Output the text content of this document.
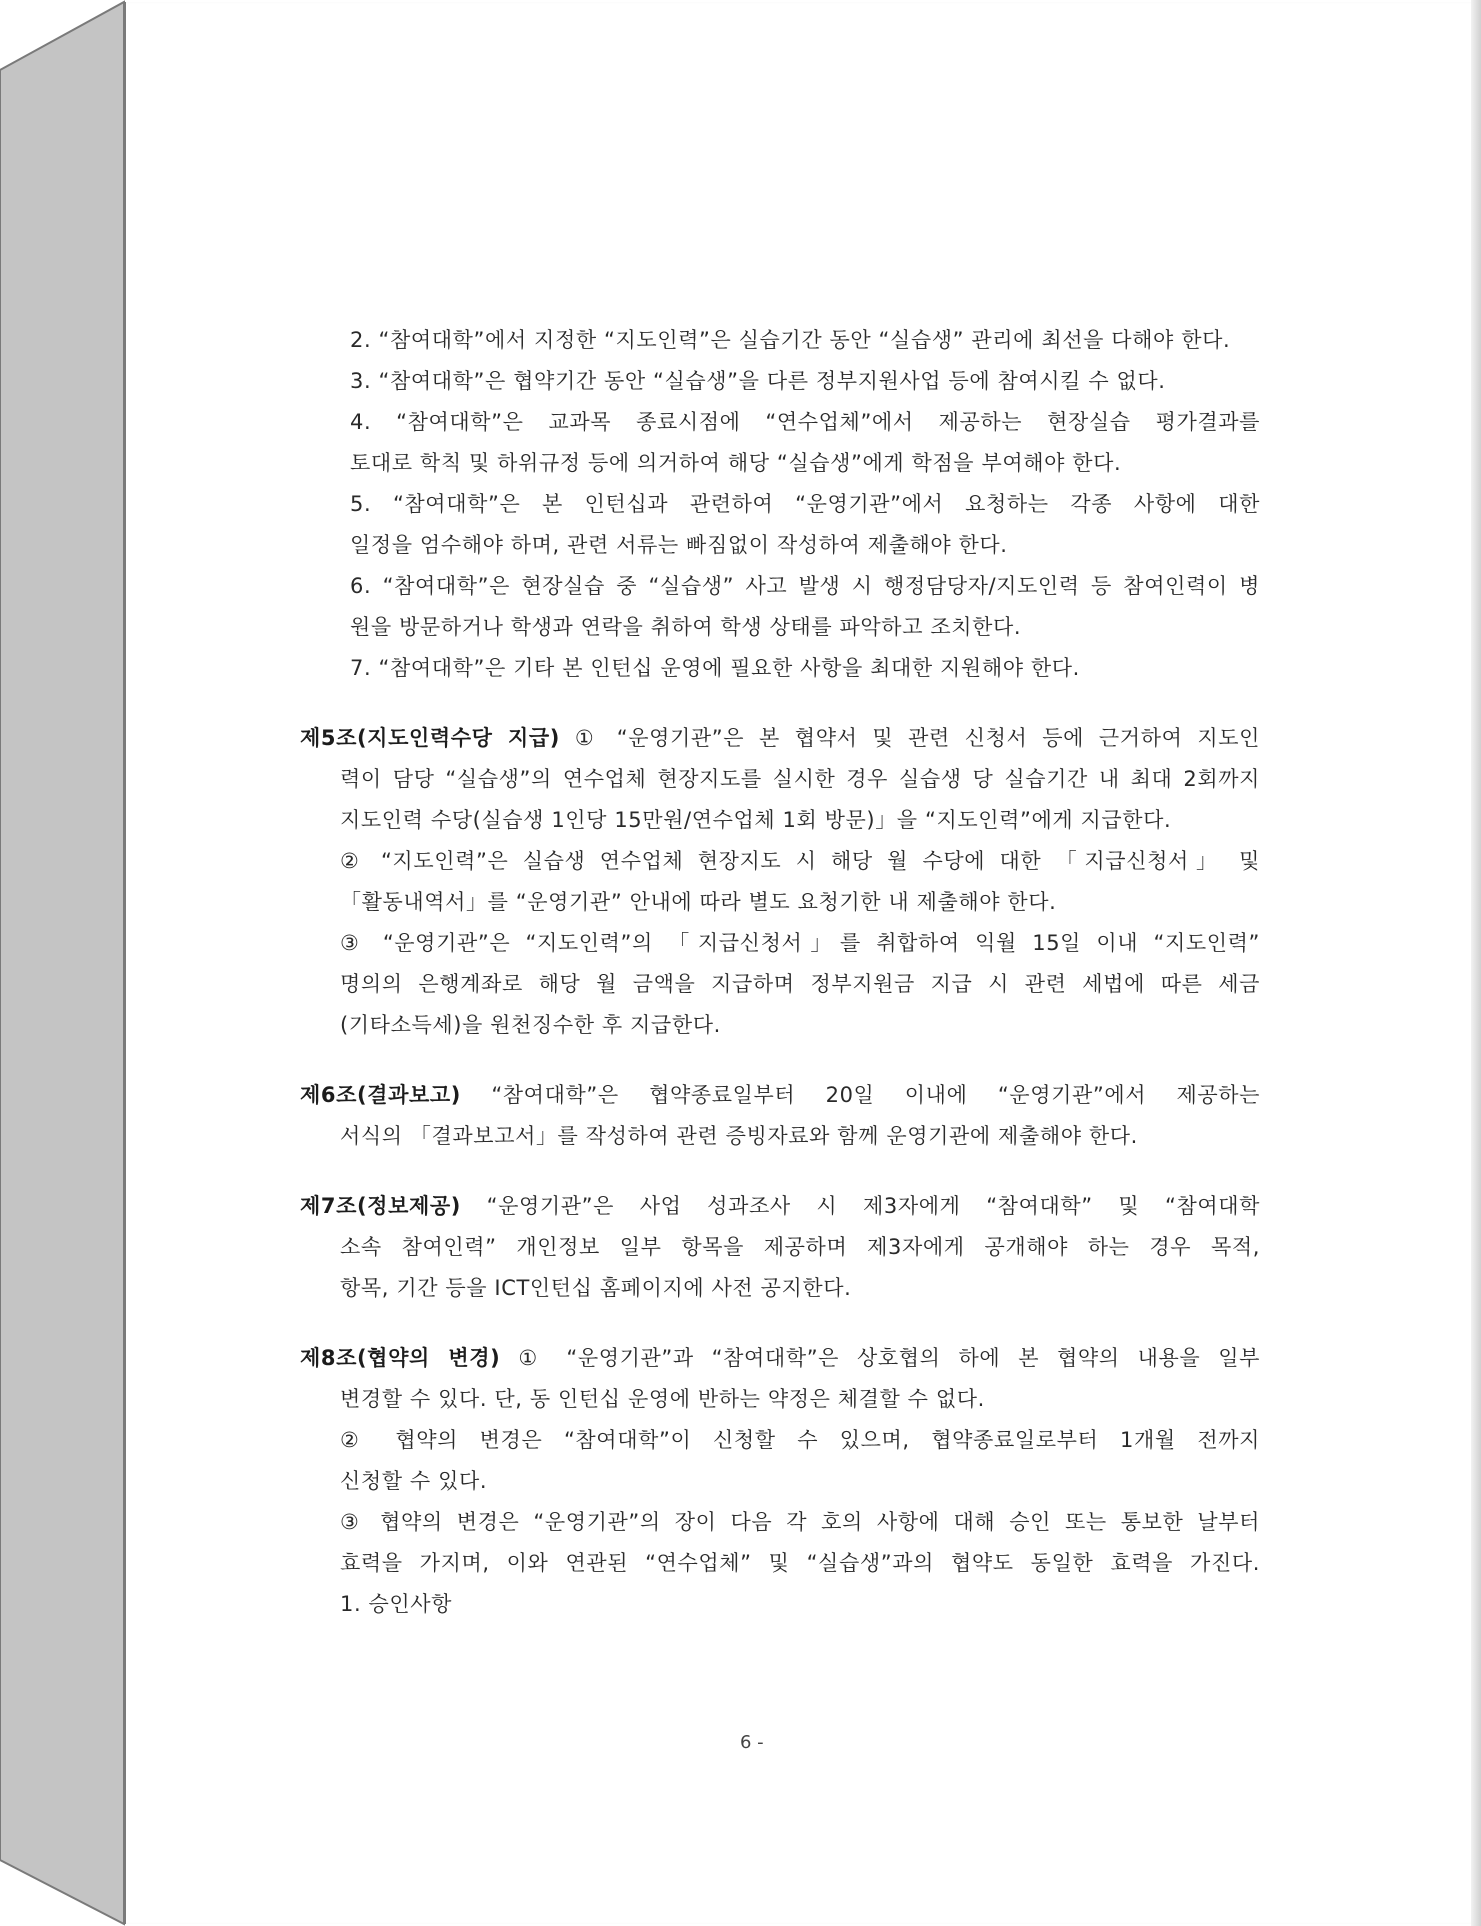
2. “참여대학”에서 지정한 “지도인력”은 실습기간 동안 “실습생” 관리에 최선을 다해야 한다.
3. “참여대학”은 협약기간 동안 “실습생”을 다른 정부지원사업 등에 참여시킬 수 없다.
4. “참여대학”은 교과목 종료시점에 “연수업체”에서 제공하는 현장실습 평가결과를
토대로 학칙 및 하위규정 등에 의거하여 해당 “실습생”에게 학점을 부여해야 한다.
5. “참여대학”은 본 인턴십과 관련하여 “운영기관”에서 요청하는 각종 사항에 대한
일정을 엄수해야 하며, 관련 서류는 빠짐없이 작성하여 제출해야 한다.
6. “참여대학”은 현장실습 중 “실습생” 사고 발생 시 행정담당자/지도인력 등 참여인력이 병
원을 방문하거나 학생과 연락을 취하여 학생 상태를 파악하고 조치한다.
7. “참여대학”은 기타 본 인턴십 운영에 필요한 사항을 최대한 지원해야 한다.
제5조(지도인력수당 지급) ① “운영기관”은 본 협약서 및 관련 신청서 등에 근거하여 지도인
력이 담당 “실습생”의 연수업체 현장지도를 실시한 경우 실습생 당 실습기간 내 최대 2회까지
지도인력 수당(실습생 1인당 15만원/연수업체 1회 방문)」을 “지도인력”에게 지급한다.
② “지도인력”은 실습생 연수업체 현장지도 시 해당 월 수당에 대한 「지급신청서」 및
「활동내역서」를 “운영기관” 안내에 따라 별도 요청기한 내 제출해야 한다.
③ “운영기관”은 “지도인력”의 「지급신청서」를 취합하여 익월 15일 이내 “지도인력”
명의의 은행계좌로 해당 월 금액을 지급하며 정부지원금 지급 시 관련 세법에 따른 세금
(기타소득세)을 원천징수한 후 지급한다.
제6조(결과보고) “참여대학”은 협약종료일부터 20일 이내에 “운영기관”에서 제공하는
서식의 「결과보고서」를 작성하여 관련 증빙자료와 함께 운영기관에 제출해야 한다.
제7조(정보제공) “운영기관”은 사업 성과조사 시 제3자에게 “참여대학” 및 “참여대학
소속 참여인력” 개인정보 일부 항목을 제공하며 제3자에게 공개해야 하는 경우 목적,
항목, 기간 등을 ICT인턴십 홈페이지에 사전 공지한다.
제8조(협약의 변경) ① “운영기관”과 “참여대학”은 상호협의 하에 본 협약의 내용을 일부
변경할 수 있다. 단, 동 인턴십 운영에 반하는 약정은 체결할 수 없다.
② 협약의 변경은 “참여대학”이 신청할 수 있으며, 협약종료일로부터 1개월 전까지
신청할 수 있다.
③ 협약의 변경은 “운영기관”의 장이 다음 각 호의 사항에 대해 승인 또는 통보한 날부터
효력을 가지며, 이와 연관된 “연수업체” 및 “실습생”과의 협약도 동일한 효력을 가진다.
1. 승인사항
6 -
